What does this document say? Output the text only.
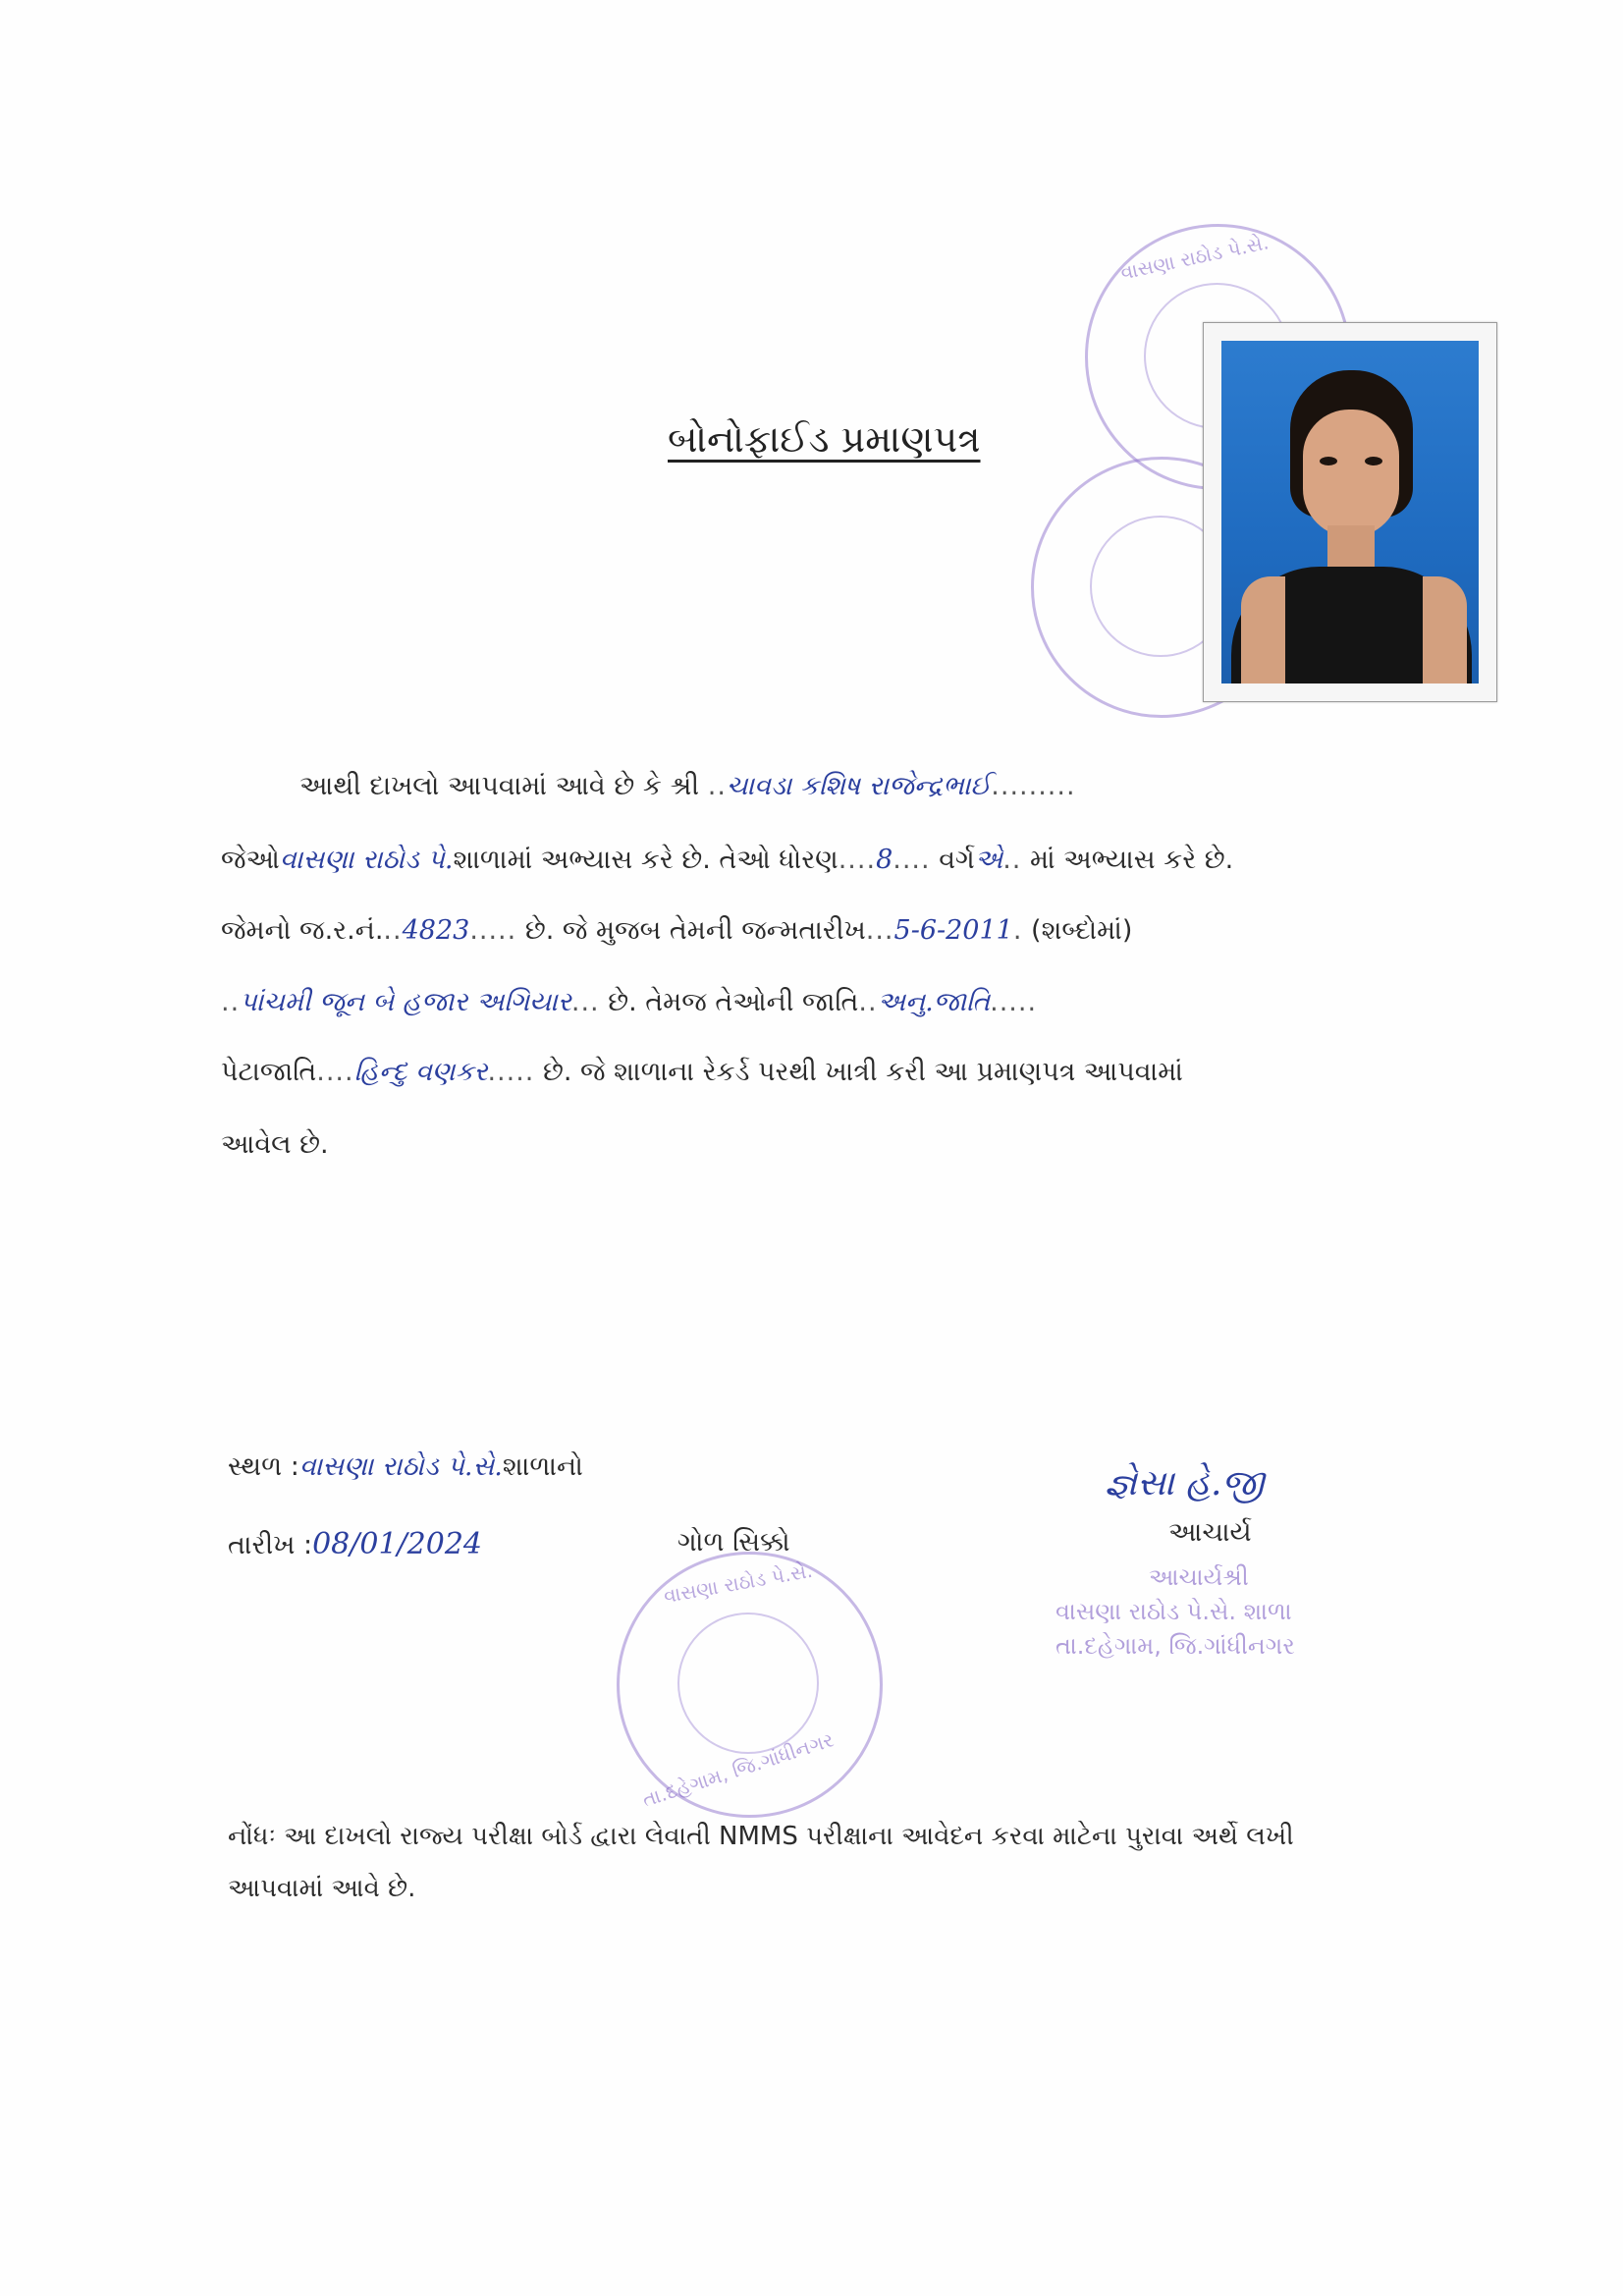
વાસણા રાઠોડ પે.સે.
બોનોફાઈડ પ્રમાણપત્ર
આથી દાખલો આપવામાં આવે છે કે શ્રી ..ચાવડા કશિષ રાજેન્દ્રભાઈ.........
જેઓવાસણા રાઠોડ પે.શાળામાં અભ્યાસ કરે છે. તેઓ ધોરણ....8.... વર્ગએ.. માં અભ્યાસ કરે છે.
જેમનો જ.ર.નં...4823..... છે. જે મુજબ તેમની જન્મતારીખ...5-6-2011. (શબ્દોમાં)
..પાંચમી જૂન બે હજાર અગિયાર... છે. તેમજ તેઓની જાતિ..અનુ.જાતિ.....
પેટાજાતિ....હિન્દુ વણકર..... છે. જે શાળાના રેકર્ડ પરથી ખાત્રી કરી આ પ્રમાણપત્ર આપવામાં
આવેલ છે.
સ્થળ :વાસણા રાઠોડ પે.સે.શાળાનો
તારીખ :08/01/2024	ગોળ સિક્કો
વાસણા રાઠોડ પે.સે.
તા.દહેગામ, જિ.ગાંધીનગર
જ્ઞેસા હે.જી
આચાર્ય
આચાર્યશ્રી
વાસણા રાઠોડ પે.સે. શાળા
તા.દહેગામ, જિ.ગાંધીનગર
નોંધઃ આ દાખલો રાજ્ય પરીક્ષા બોર્ડ દ્વારા લેવાતી NMMS પરીક્ષાના આવેદન કરવા માટેના પુરાવા અર્થે લખી
આપવામાં આવે છે.
